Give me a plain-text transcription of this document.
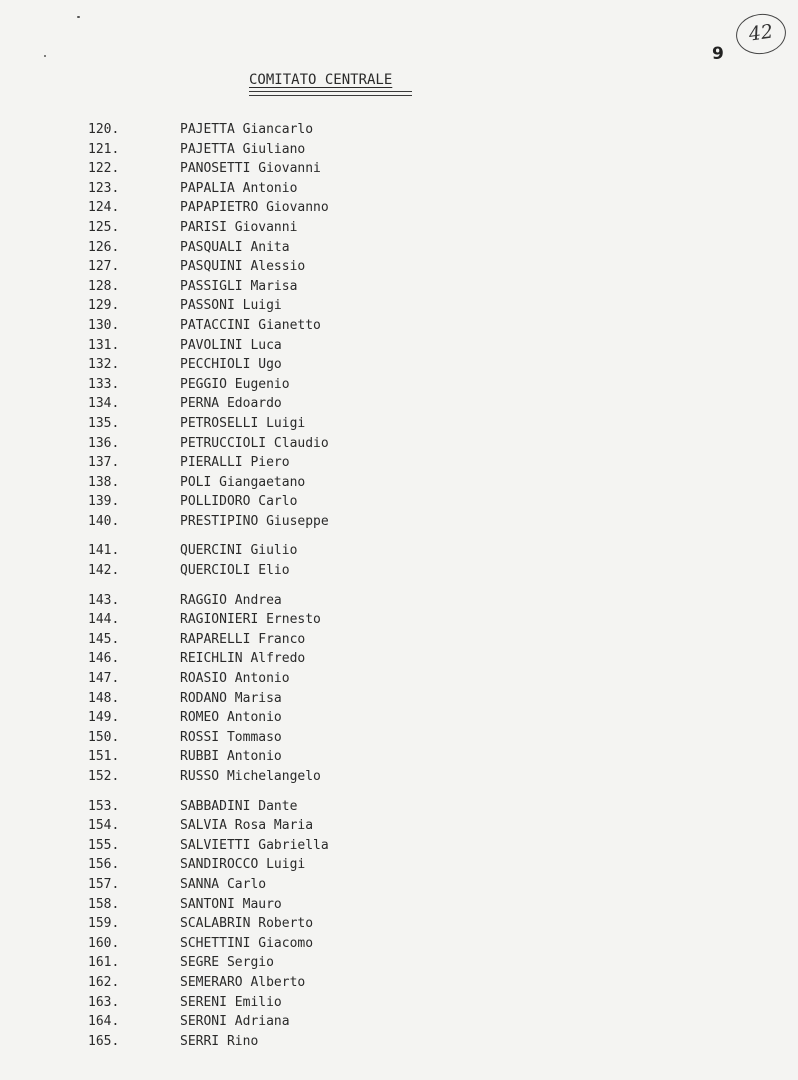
42
9
COMITATO CENTRALE
120.	PAJETTA Giancarlo
121.	PAJETTA Giuliano
122.	PANOSETTI Giovanni
123.	PAPALIA Antonio
124.	PAPAPIETRO Giovanno
125.	PARISI Giovanni
126.	PASQUALI Anita
127.	PASQUINI Alessio
128.	PASSIGLI Marisa
129.	PASSONI Luigi
130.	PATACCINI Gianetto
131.	PAVOLINI Luca
132.	PECCHIOLI Ugo
133.	PEGGIO Eugenio
134.	PERNA Edoardo
135.	PETROSELLI Luigi
136.	PETRUCCIOLI Claudio
137.	PIERALLI Piero
138.	POLI Giangaetano
139.	POLLIDORO Carlo
140.	PRESTIPINO Giuseppe
141.	QUERCINI Giulio
142.	QUERCIOLI Elio
143.	RAGGIO Andrea
144.	RAGIONIERI Ernesto
145.	RAPARELLI Franco
146.	REICHLIN Alfredo
147.	ROASIO Antonio
148.	RODANO Marisa
149.	ROMEO Antonio
150.	ROSSI Tommaso
151.	RUBBI Antonio
152.	RUSSO Michelangelo
153.	SABBADINI Dante
154.	SALVIA Rosa Maria
155.	SALVIETTI Gabriella
156.	SANDIROCCO Luigi
157.	SANNA Carlo
158.	SANTONI Mauro
159.	SCALABRIN Roberto
160.	SCHETTINI Giacomo
161.	SEGRE Sergio
162.	SEMERARO Alberto
163.	SERENI Emilio
164.	SERONI Adriana
165.	SERRI Rino
